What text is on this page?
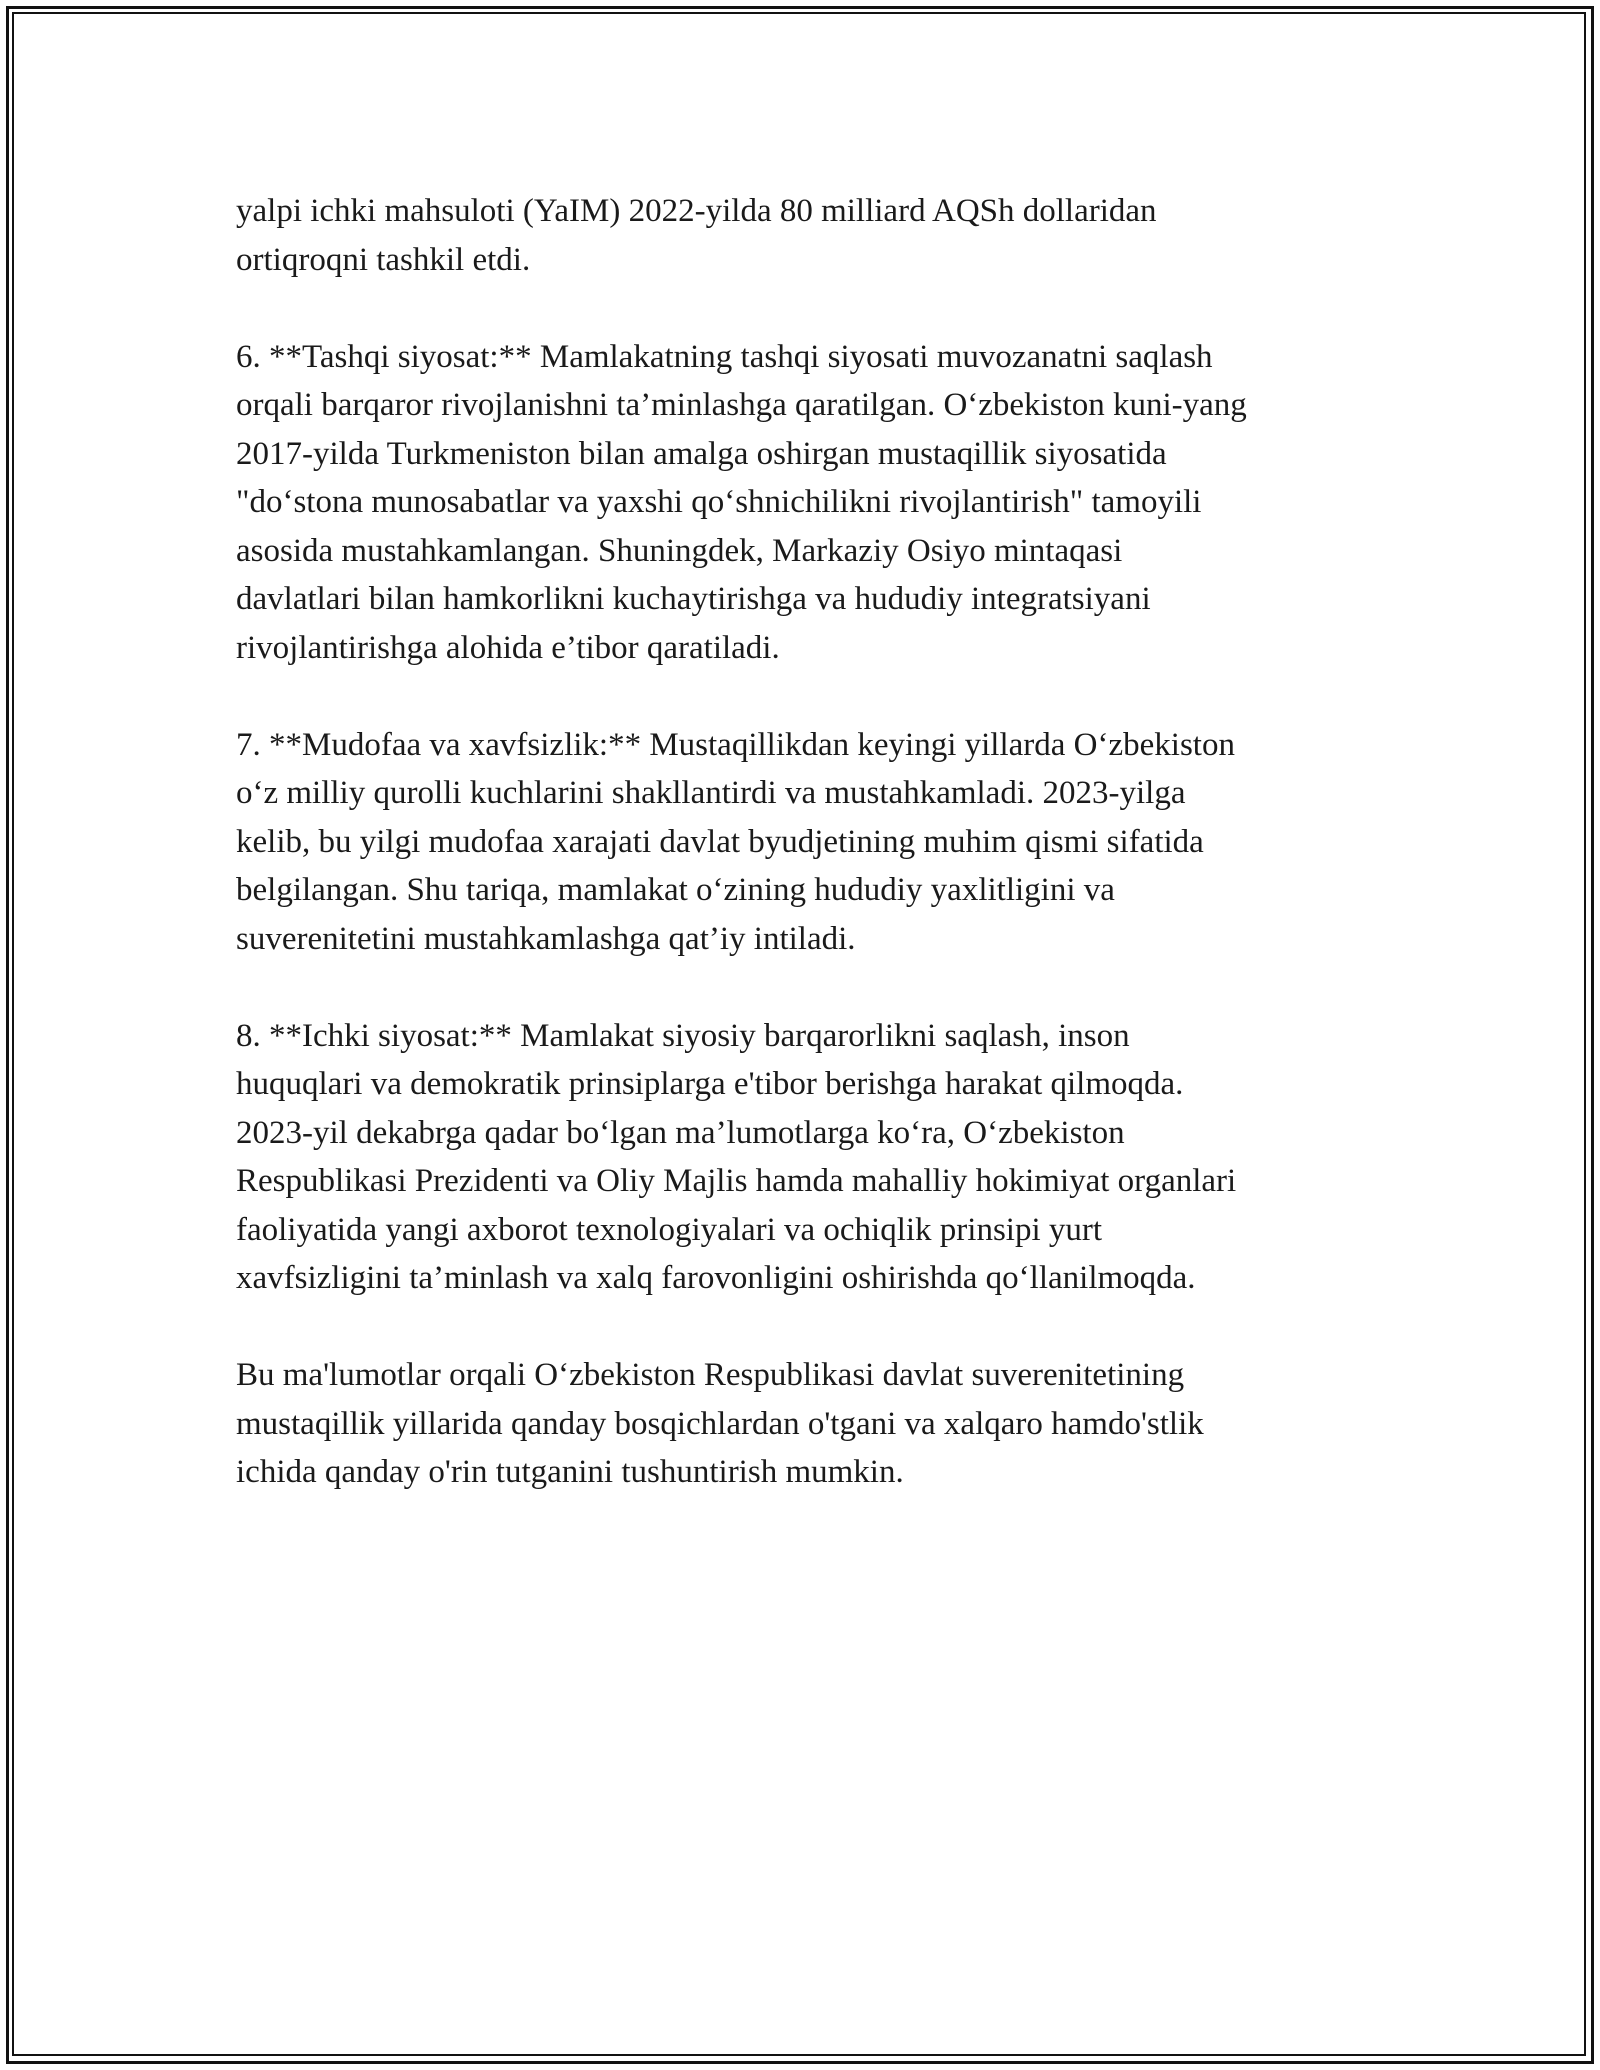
yalpi ichki mahsuloti (YaIM) 2022-yilda 80 milliard AQSh dollaridan
ortiqroqni tashkil etdi.

6. **Tashqi siyosat:** Mamlakatning tashqi siyosati muvozanatni saqlash
orqali barqaror rivojlanishni ta’minlashga qaratilgan. O‘zbekiston kuni-yang
2017-yilda Turkmeniston bilan amalga oshirgan mustaqillik siyosatida
"do‘stona munosabatlar va yaxshi qo‘shnichilikni rivojlantirish" tamoyili
asosida mustahkamlangan. Shuningdek, Markaziy Osiyo mintaqasi
davlatlari bilan hamkorlikni kuchaytirishga va hududiy integratsiyani
rivojlantirishga alohida e’tibor qaratiladi.

7. **Mudofaa va xavfsizlik:** Mustaqillikdan keyingi yillarda O‘zbekiston
o‘z milliy qurolli kuchlarini shakllantirdi va mustahkamladi. 2023-yilga
kelib, bu yilgi mudofaa xarajati davlat byudjetining muhim qismi sifatida
belgilangan. Shu tariqa, mamlakat o‘zining hududiy yaxlitligini va
suverenitetini mustahkamlashga qat’iy intiladi.

8. **Ichki siyosat:** Mamlakat siyosiy barqarorlikni saqlash, inson
huquqlari va demokratik prinsiplarga e'tibor berishga harakat qilmoqda.
2023-yil dekabrga qadar bo‘lgan ma’lumotlarga ko‘ra, O‘zbekiston
Respublikasi Prezidenti va Oliy Majlis hamda mahalliy hokimiyat organlari
faoliyatida yangi axborot texnologiyalari va ochiqlik prinsipi yurt
xavfsizligini ta’minlash va xalq farovonligini oshirishda qo‘llanilmoqda.

Bu ma'lumotlar orqali O‘zbekiston Respublikasi davlat suverenitetining
mustaqillik yillarida qanday bosqichlardan o'tgani va xalqaro hamdo'stlik
ichida qanday o'rin tutganini tushuntirish mumkin.
